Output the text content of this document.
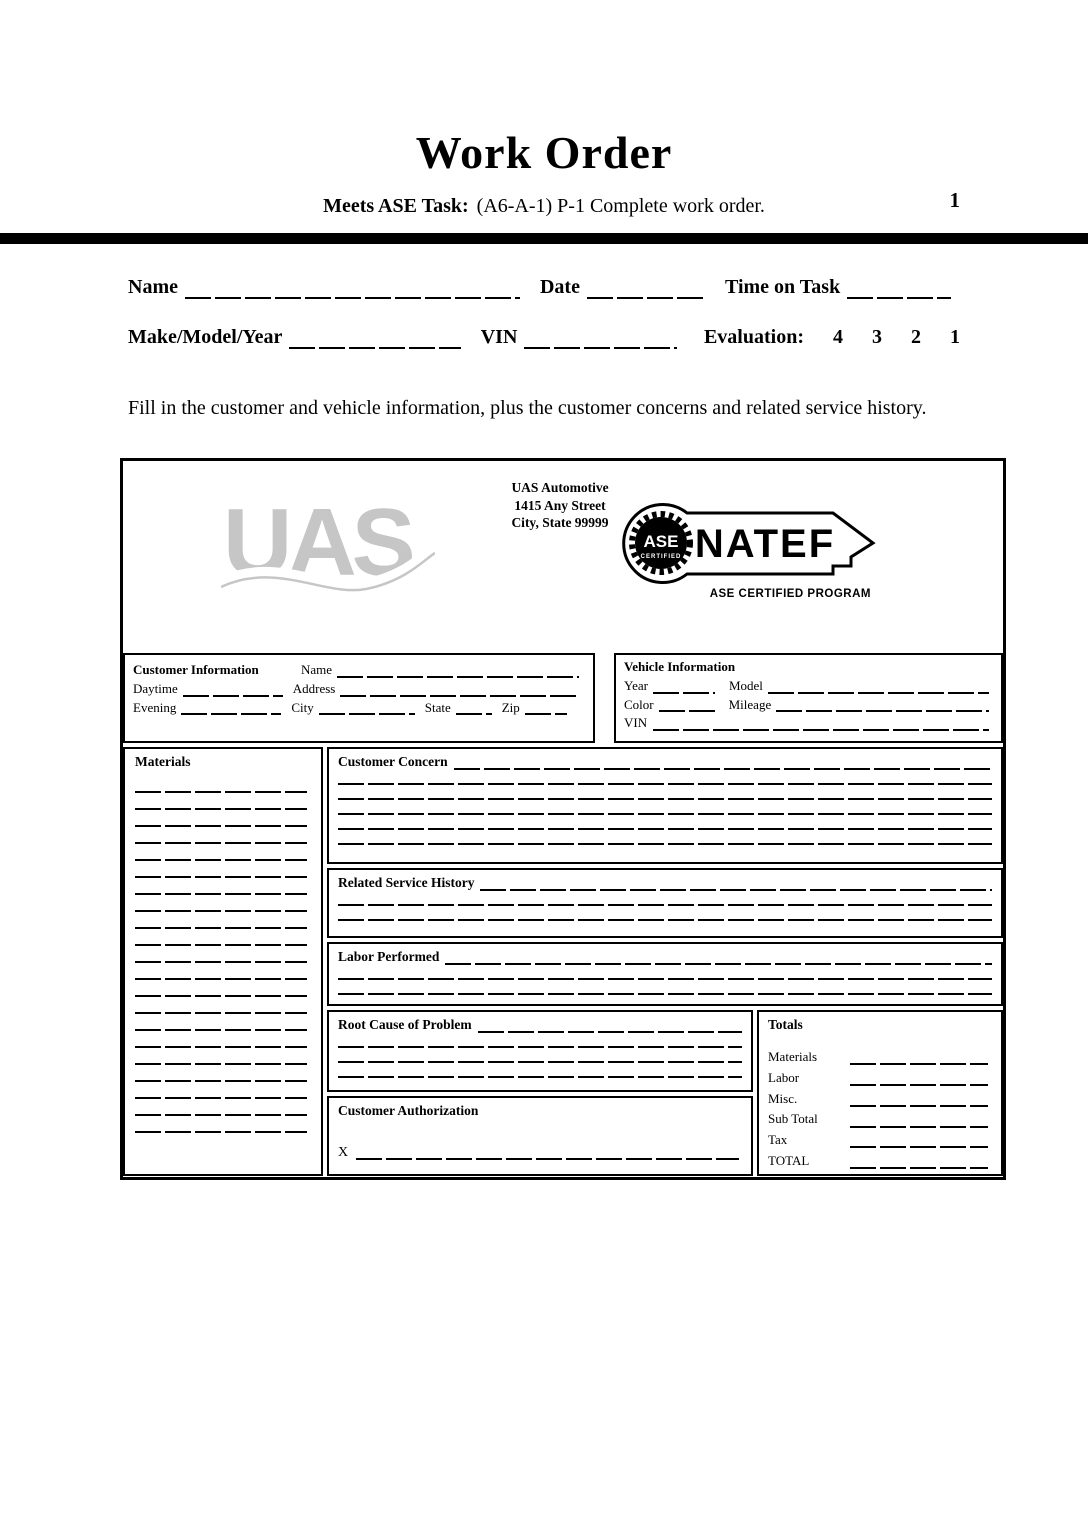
1
Work Order
Meets ASE Task: (A6-A-1) P-1 Complete work order.
Name	Date	Time on Task
Make/Model/Year	VIN	Evaluation: 4 3 2 1

Fill in the customer and vehicle information, plus the customer concerns and related service history.

UAS
UAS Automotive
1415 Any Street
City, State 99999
ASE
CERTIFIED NATEF
ASE CERTIFIED PROGRAM
Customer Information	Name
Daytime	Address
Evening	City	State	Zip
Vehicle Information
Year	Model
Color	Mileage
VIN
Materials	Customer Concern
Related Service History
Labor Performed
Root Cause of Problem
Customer Authorization
X
Totals
Materials
Labor
Misc.
Sub Total
Tax
TOTAL
